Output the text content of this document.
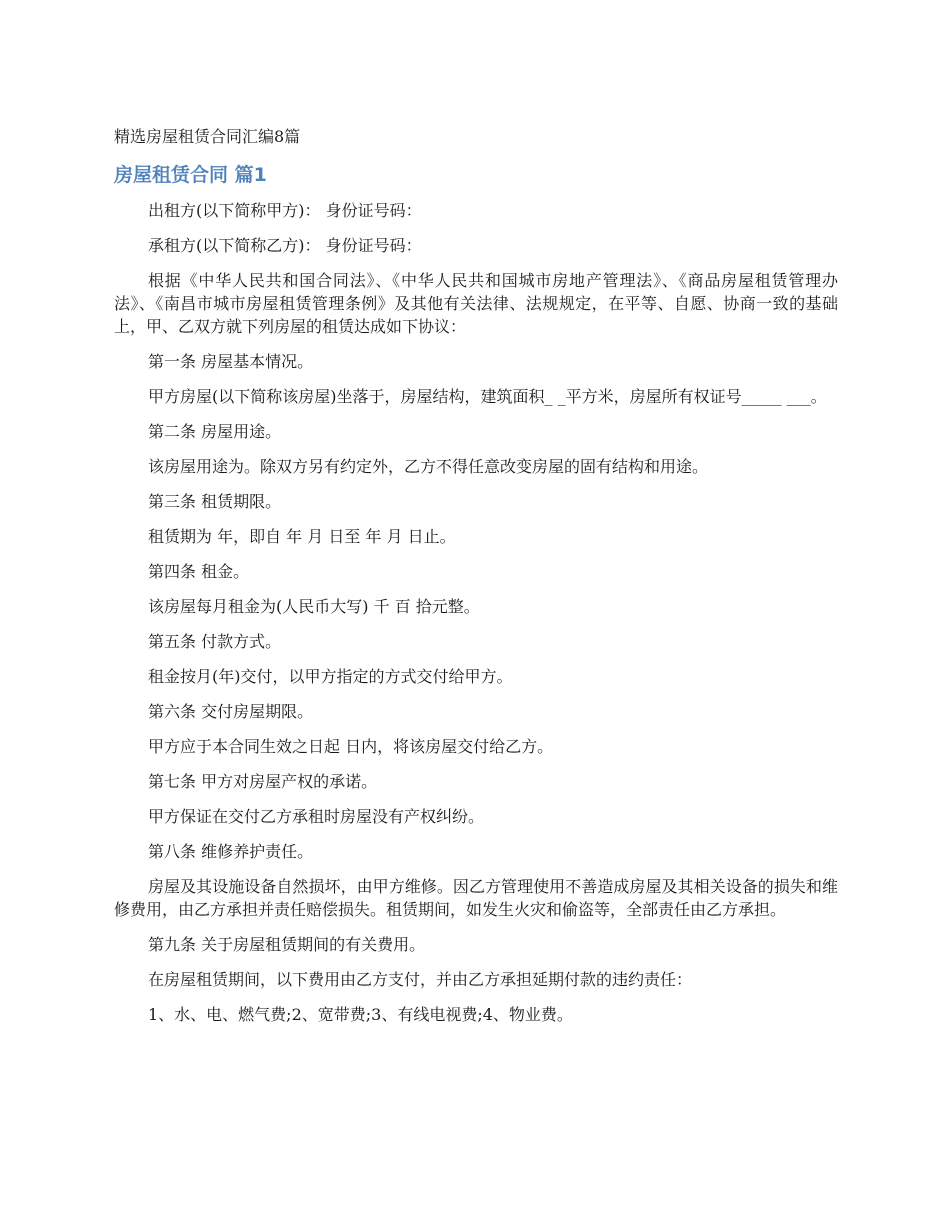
精选房屋租赁合同汇编8篇
房屋租赁合同 篇1

出租方(以下简称甲方)： 身份证号码：

承租方(以下简称乙方)： 身份证号码：

根据《中华人民共和国合同法》、《中华人民共和国城市房地产管理法》、《商品房屋租赁管理办法》、《南昌市城市房屋租赁管理条例》及其他有关法律、法规规定，在平等、自愿、协商一致的基础上，甲、乙双方就下列房屋的租赁达成如下协议：

第一条 房屋基本情况。

甲方房屋(以下简称该房屋)坐落于，房屋结构，建筑面积_ _平方米，房屋所有权证号_____ ___。

第二条 房屋用途。

该房屋用途为。除双方另有约定外，乙方不得任意改变房屋的固有结构和用途。

第三条 租赁期限。

租赁期为 年，即自 年 月 日至 年 月 日止。

第四条 租金。

该房屋每月租金为(人民币大写) 千 百 拾元整。

第五条 付款方式。

租金按月(年)交付，以甲方指定的方式交付给甲方。

第六条 交付房屋期限。

甲方应于本合同生效之日起 日内，将该房屋交付给乙方。

第七条 甲方对房屋产权的承诺。

甲方保证在交付乙方承租时房屋没有产权纠纷。

第八条 维修养护责任。

房屋及其设施设备自然损坏，由甲方维修。因乙方管理使用不善造成房屋及其相关设备的损失和维修费用，由乙方承担并责任赔偿损失。租赁期间，如发生火灾和偷盗等，全部责任由乙方承担。

第九条 关于房屋租赁期间的有关费用。

在房屋租赁期间，以下费用由乙方支付，并由乙方承担延期付款的违约责任：

1、水、电、燃气费;2、宽带费;3、有线电视费;4、物业费。
